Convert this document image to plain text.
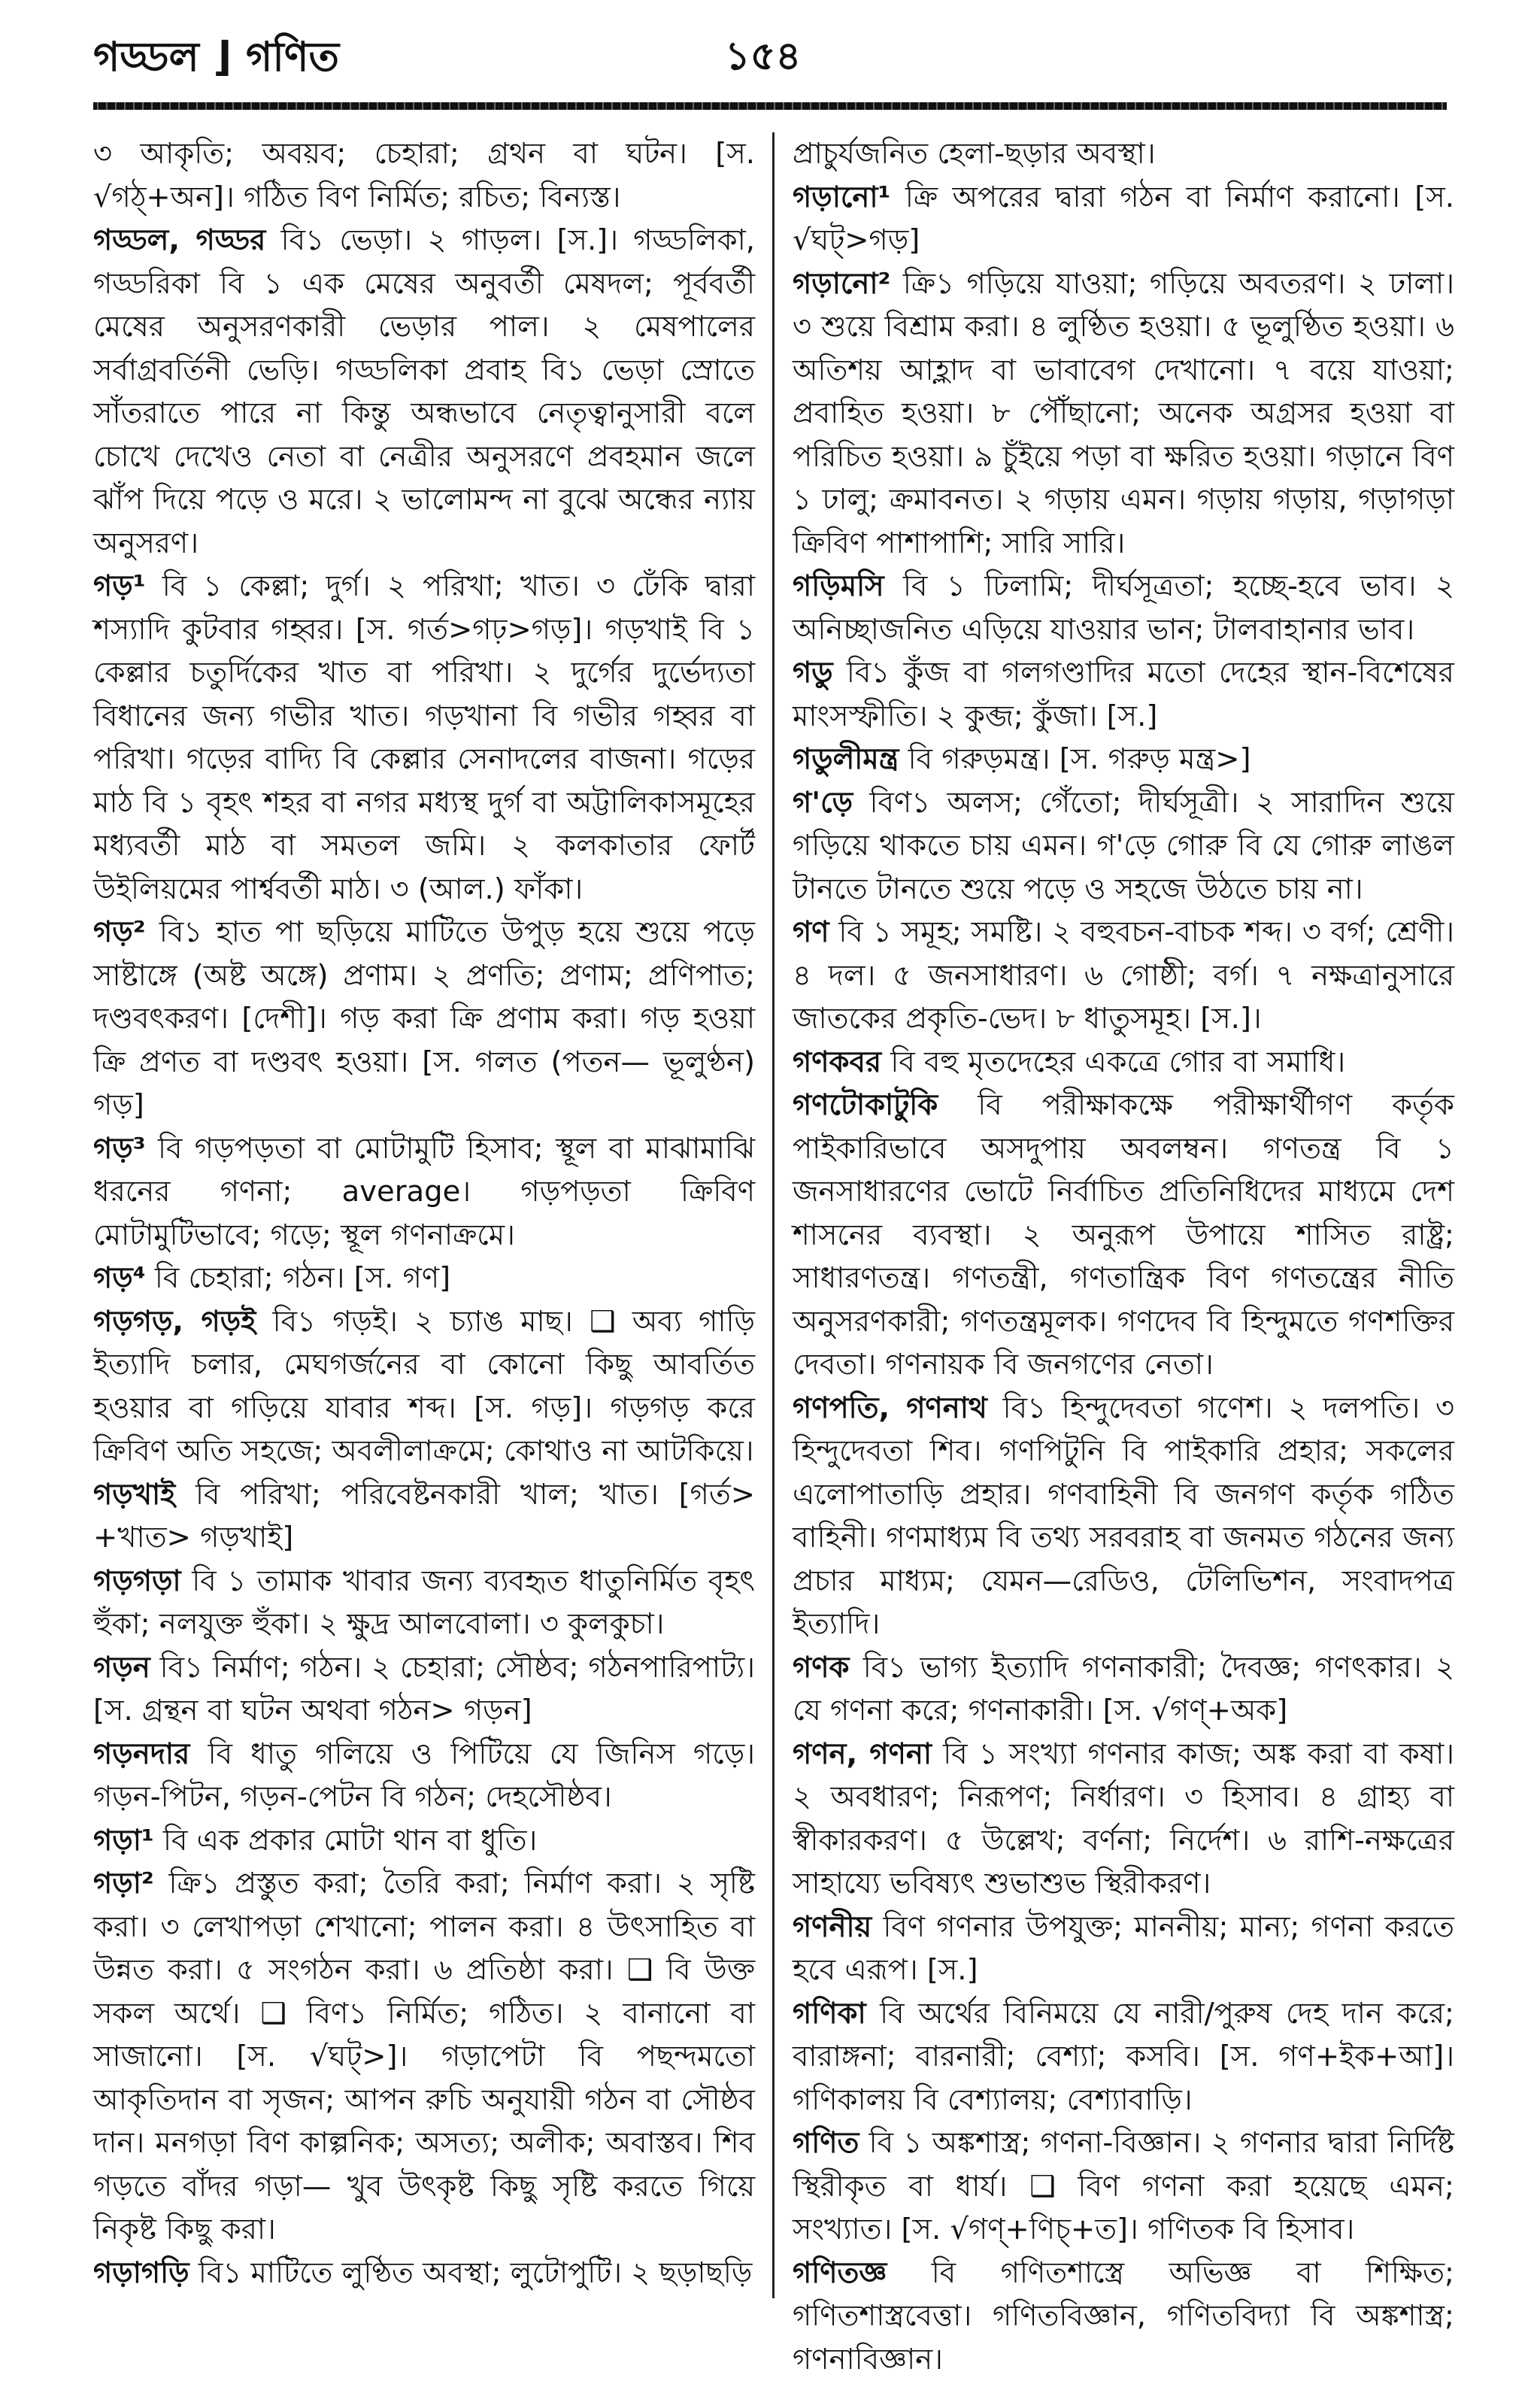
গড্ডল ⌋ গণিত	১৫৪

৩ আকৃতি; অবয়ব; চেহারা; গ্রথন বা ঘটন। [স. √গঠ্+অন]। গঠিত বিণ নির্মিত; রচিত; বিন্যস্ত।

গড্ডল, গড্ডর বি১ ভেড়া। ২ গাড়ল। [স.]। গড্ডলিকা, গড্ডরিকা বি ১ এক মেষের অনুবর্তী মেষদল; পূর্ববর্তী মেষের অনুসরণকারী ভেড়ার পাল। ২ মেষপালের সর্বাগ্রবর্তিনী ভেড়ি। গড্ডলিকা প্রবাহ বি১ ভেড়া স্রোতে সাঁতরাতে পারে না কিন্তু অন্ধভাবে নেতৃত্বানুসারী বলে চোখে দেখেও নেতা বা নেত্রীর অনুসরণে প্রবহমান জলে ঝাঁপ দিয়ে পড়ে ও মরে। ২ ভালোমন্দ না বুঝে অন্ধের ন্যায় অনুসরণ।

গড়¹ বি ১ কেল্লা; দুর্গ। ২ পরিখা; খাত। ৩ ঢেঁকি দ্বারা শস্যাদি কুটবার গহ্বর। [স. গর্ত>গঢ়>গড়]। গড়খাই বি ১ কেল্লার চতুর্দিকের খাত বা পরিখা। ২ দুর্গের দুর্ভেদ্যতা বিধানের জন্য গভীর খাত। গড়খানা বি গভীর গহ্বর বা পরিখা। গড়ের বাদ্যি বি কেল্লার সেনাদলের বাজনা। গড়ের মাঠ বি ১ বৃহৎ শহর বা নগর মধ্যস্থ দুর্গ বা অট্টালিকাসমূহের মধ্যবর্তী মাঠ বা সমতল জমি। ২ কলকাতার ফোর্ট উইলিয়মের পার্শ্ববর্তী মাঠ। ৩ (আল.) ফাঁকা।

গড়² বি১ হাত পা ছড়িয়ে মাটিতে উপুড় হয়ে শুয়ে পড়ে সাষ্টাঙ্গে (অষ্ট অঙ্গে) প্রণাম। ২ প্রণতি; প্রণাম; প্রণিপাত; দণ্ডবৎকরণ। [দেশী]। গড় করা ক্রি প্রণাম করা। গড় হওয়া ক্রি প্রণত বা দণ্ডবৎ হওয়া। [স. গলত (পতন— ভূলুণ্ঠন) গড়]

গড়³ বি গড়পড়তা বা মোটামুটি হিসাব; স্থূল বা মাঝামাঝি ধরনের গণনা; average। গড়পড়তা ক্রিবিণ মোটামুটিভাবে; গড়ে; স্থূল গণনাক্রমে।

গড়⁴ বি চেহারা; গঠন। [স. গণ]

গড়গড়, গড়ই বি১ গড়ই। ২ চ্যাঙ মাছ। ❑ অব্য গাড়ি ইত্যাদি চলার, মেঘগর্জনের বা কোনো কিছু আবর্তিত হওয়ার বা গড়িয়ে যাবার শব্দ। [স. গড়]। গড়গড় করে ক্রিবিণ অতি সহজে; অবলীলাক্রমে; কোথাও না আটকিয়ে।

গড়খাই বি পরিখা; পরিবেষ্টনকারী খাল; খাত। [গর্ত> +খাত> গড়খাই]

গড়গড়া বি ১ তামাক খাবার জন্য ব্যবহৃত ধাতুনির্মিত বৃহৎ হুঁকা; নলযুক্ত হুঁকা। ২ ক্ষুদ্র আলবোলা। ৩ কুলকুচা।

গড়ন বি১ নির্মাণ; গঠন। ২ চেহারা; সৌষ্ঠব; গঠনপারিপাট্য। [স. গ্রন্থন বা ঘটন অথবা গঠন> গড়ন]

গড়নদার বি ধাতু গলিয়ে ও পিটিয়ে যে জিনিস গড়ে। গড়ন-পিটন, গড়ন-পেটন বি গঠন; দেহসৌষ্ঠব।

গড়া¹ বি এক প্রকার মোটা থান বা ধুতি।

গড়া² ক্রি১ প্রস্তুত করা; তৈরি করা; নির্মাণ করা। ২ সৃষ্টি করা। ৩ লেখাপড়া শেখানো; পালন করা। ৪ উৎসাহিত বা উন্নত করা। ৫ সংগঠন করা। ৬ প্রতিষ্ঠা করা। ❑ বি উক্ত সকল অর্থে। ❑ বিণ১ নির্মিত; গঠিত। ২ বানানো বা সাজানো। [স. √ঘট্>]। গড়াপেটা বি পছন্দমতো আকৃতিদান বা সৃজন; আপন রুচি অনুযায়ী গঠন বা সৌষ্ঠব দান। মনগড়া বিণ কাল্পনিক; অসত্য; অলীক; অবাস্তব। শিব গড়তে বাঁদর গড়া— খুব উৎকৃষ্ট কিছু সৃষ্টি করতে গিয়ে নিকৃষ্ট কিছু করা।

গড়াগড়ি বি১ মাটিতে লুণ্ঠিত অবস্থা; লুটোপুটি। ২ ছড়াছড়ি

প্রাচুর্যজনিত হেলা-ছড়ার অবস্থা।

গড়ানো¹ ক্রি অপরের দ্বারা গঠন বা নির্মাণ করানো। [স. √ঘট্>গড়]

গড়ানো² ক্রি১ গড়িয়ে যাওয়া; গড়িয়ে অবতরণ। ২ ঢালা। ৩ শুয়ে বিশ্রাম করা। ৪ লুণ্ঠিত হওয়া। ৫ ভূলুণ্ঠিত হওয়া। ৬ অতিশয় আহ্লাদ বা ভাবাবেগ দেখানো। ৭ বয়ে যাওয়া; প্রবাহিত হওয়া। ৮ পৌঁছানো; অনেক অগ্রসর হওয়া বা পরিচিত হওয়া। ৯ চুঁইয়ে পড়া বা ক্ষরিত হওয়া। গড়ানে বিণ ১ ঢালু; ক্রমাবনত। ২ গড়ায় এমন। গড়ায় গড়ায়, গড়াগড়া ক্রিবিণ পাশাপাশি; সারি সারি।

গড়িমসি বি ১ ঢিলামি; দীর্ঘসূত্রতা; হচ্ছে-হবে ভাব। ২ অনিচ্ছাজনিত এড়িয়ে যাওয়ার ভান; টালবাহানার ভাব।

গডু বি১ কুঁজ বা গলগণ্ডাদির মতো দেহের স্থান-বিশেষের মাংসস্ফীতি। ২ কুব্জ; কুঁজা। [স.]

গডুলীমন্ত্র বি গরুড়মন্ত্র। [স. গরুড় মন্ত্র>]

গ'ড়ে বিণ১ অলস; গেঁতো; দীর্ঘসূত্রী। ২ সারাদিন শুয়ে গড়িয়ে থাকতে চায় এমন। গ'ড়ে গোরু বি যে গোরু লাঙল টানতে টানতে শুয়ে পড়ে ও সহজে উঠতে চায় না।

গণ বি ১ সমূহ; সমষ্টি। ২ বহুবচন-বাচক শব্দ। ৩ বর্গ; শ্রেণী। ৪ দল। ৫ জনসাধারণ। ৬ গোষ্ঠী; বর্গ। ৭ নক্ষত্রানুসারে জাতকের প্রকৃতি-ভেদ। ৮ ধাতুসমূহ। [স.]।

গণকবর বি বহু মৃতদেহের একত্রে গোর বা সমাধি।

গণটোকাটুকি বি পরীক্ষাকক্ষে পরীক্ষার্থীগণ কর্তৃক পাইকারিভাবে অসদুপায় অবলম্বন। গণতন্ত্র বি ১ জনসাধারণের ভোটে নির্বাচিত প্রতিনিধিদের মাধ্যমে দেশ শাসনের ব্যবস্থা। ২ অনুরূপ উপায়ে শাসিত রাষ্ট্র; সাধারণতন্ত্র। গণতন্ত্রী, গণতান্ত্রিক বিণ গণতন্ত্রের নীতি অনুসরণকারী; গণতন্ত্রমূলক। গণদেব বি হিন্দুমতে গণশক্তির দেবতা। গণনায়ক বি জনগণের নেতা।

গণপতি, গণনাথ বি১ হিন্দুদেবতা গণেশ। ২ দলপতি। ৩ হিন্দুদেবতা শিব। গণপিটুনি বি পাইকারি প্রহার; সকলের এলোপাতাড়ি প্রহার। গণবাহিনী বি জনগণ কর্তৃক গঠিত বাহিনী। গণমাধ্যম বি তথ্য সরবরাহ বা জনমত গঠনের জন্য প্রচার মাধ্যম; যেমন—রেডিও, টেলিভিশন, সংবাদপত্র ইত্যাদি।

গণক বি১ ভাগ্য ইত্যাদি গণনাকারী; দৈবজ্ঞ; গণৎকার। ২ যে গণনা করে; গণনাকারী। [স. √গণ্+অক]

গণন, গণনা বি ১ সংখ্যা গণনার কাজ; অঙ্ক করা বা কষা। ২ অবধারণ; নিরূপণ; নির্ধারণ। ৩ হিসাব। ৪ গ্রাহ্য বা স্বীকারকরণ। ৫ উল্লেখ; বর্ণনা; নির্দেশ। ৬ রাশি-নক্ষত্রের সাহায্যে ভবিষ্যৎ শুভাশুভ স্থিরীকরণ।

গণনীয় বিণ গণনার উপযুক্ত; মাননীয়; মান্য; গণনা করতে হবে এরূপ। [স.]

গণিকা বি অর্থের বিনিময়ে যে নারী/পুরুষ দেহ দান করে; বারাঙ্গনা; বারনারী; বেশ্যা; কসবি। [স. গণ+ইক+আ]। গণিকালয় বি বেশ্যালয়; বেশ্যাবাড়ি।

গণিত বি ১ অঙ্কশাস্ত্র; গণনা-বিজ্ঞান। ২ গণনার দ্বারা নির্দিষ্ট স্থিরীকৃত বা ধার্য। ❑ বিণ গণনা করা হয়েছে এমন; সংখ্যাত। [স. √গণ্+ণিচ্+ত]। গণিতক বি হিসাব।

গণিতজ্ঞ বি গণিতশাস্ত্রে অভিজ্ঞ বা শিক্ষিত; গণিতশাস্ত্রবেত্তা। গণিতবিজ্ঞান, গণিতবিদ্যা বি অঙ্কশাস্ত্র; গণনাবিজ্ঞান।
